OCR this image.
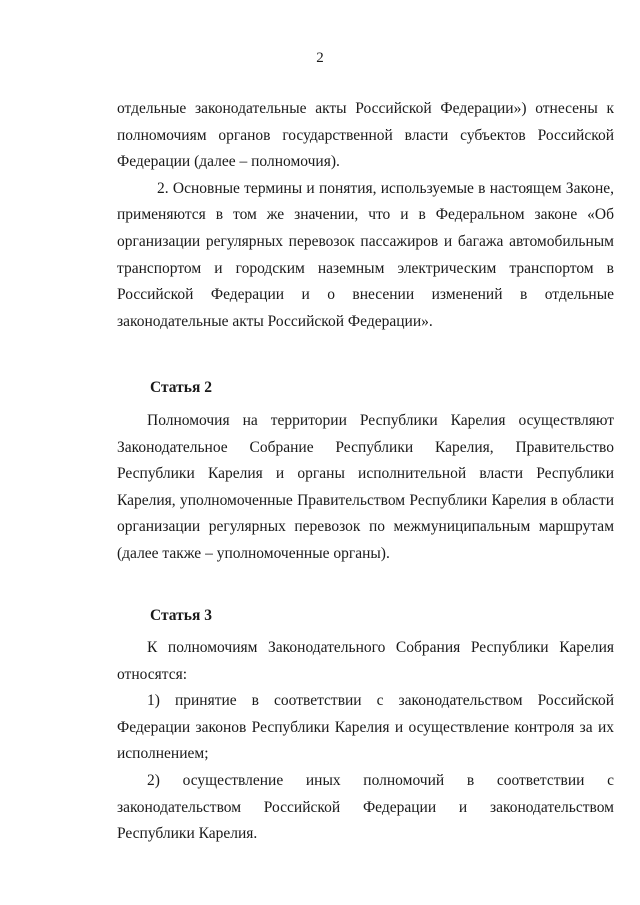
2

отдельные законодательные акты Российской Федерации») отнесены к полномочиям органов государственной власти субъектов Российской Федерации (далее – полномочия).

2. Основные термины и понятия, используемые в настоящем Законе, применяются в том же значении, что и в Федеральном законе «Об организации регулярных перевозок пассажиров и багажа автомобильным транспортом и городским наземным электрическим транспортом в Российской Федерации и о внесении изменений в отдельные законодательные акты Российской Федерации».

Статья 2

Полномочия на территории Республики Карелия осуществляют Законодательное Собрание Республики Карелия, Правительство Республики Карелия и органы исполнительной власти Республики Карелия, уполномоченные Правительством Республики Карелия в области организации регулярных перевозок по межмуниципальным маршрутам (далее также – уполномоченные органы).

Статья 3

К полномочиям Законодательного Собрания Республики Карелия относятся:

1) принятие в соответствии с законодательством Российской Федерации законов Республики Карелия и осуществление контроля за их исполнением;

2) осуществление иных полномочий в соответствии с законодательством Российской Федерации и законодательством Республики Карелия.
